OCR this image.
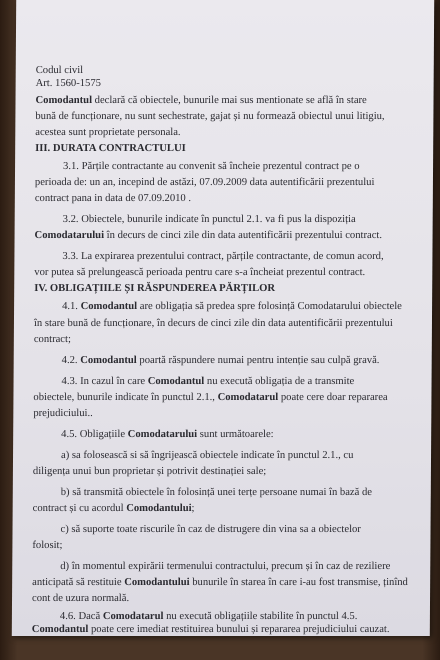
Codul civil
Art. 1560-1575
Comodantul declară că obiectele, bunurile mai sus mentionate se află în stare
bună de funcționare, nu sunt sechestrate, gajat și nu formează obiectul unui litigiu,
acestea sunt proprietate personala.
III. DURATA CONTRACTULUI
3.1. Părțile contractante au convenit să încheie prezentul contract pe o
perioada de: un an, incepind de astăzi, 07.09.2009 data autentificării prezentului
contract pana in data de 07.09.2010 .
3.2. Obiectele, bunurile indicate în punctul 2.1. va fi pus la dispoziția
Comodatarului în decurs de cinci zile din data autentificării prezentului contract.
3.3. La expirarea prezentului contract, părțile contractante, de comun acord,
vor putea să prelungească perioada pentru care s-a încheiat prezentul contract.
IV. OBLIGAȚIILE ȘI RĂSPUNDEREA PĂRȚILOR
4.1. Comodantul are obligația să predea spre folosință Comodatarului obiectele
în stare bună de funcționare, în decurs de cinci zile din data autentificării prezentului
contract;
4.2. Comodantul poartă răspundere numai pentru intenție sau culpă gravă.
4.3. In cazul în care Comodantul nu execută obligația de a transmite
obiectele, bunurile indicate în punctul 2.1., Comodatarul poate cere doar repararea
prejudiciului..
4.5. Obligațiile Comodatarului sunt următoarele:
a) sa folosească si să îngrijească obiectele indicate în punctul 2.1., cu
diligența unui bun proprietar și potrivit destinației sale;
b) să transmită obiectele în folosință unei terțe persoane numai în bază de
contract și cu acordul Comodantului;
c) să suporte toate riscurile în caz de distrugere din vina sa a obiectelor
folosit;
d) în momentul expirării termenului contractului, precum și în caz de reziliere
anticipată să restituie Comodantului bunurile în starea în care i-au fost transmise, ținînd
cont de uzura normală.
4.6. Dacă Comodatarul nu execută obligațiile stabilite în punctul 4.5.
Comodantul poate cere imediat restituirea bunului și repararea prejudiciului cauzat.
